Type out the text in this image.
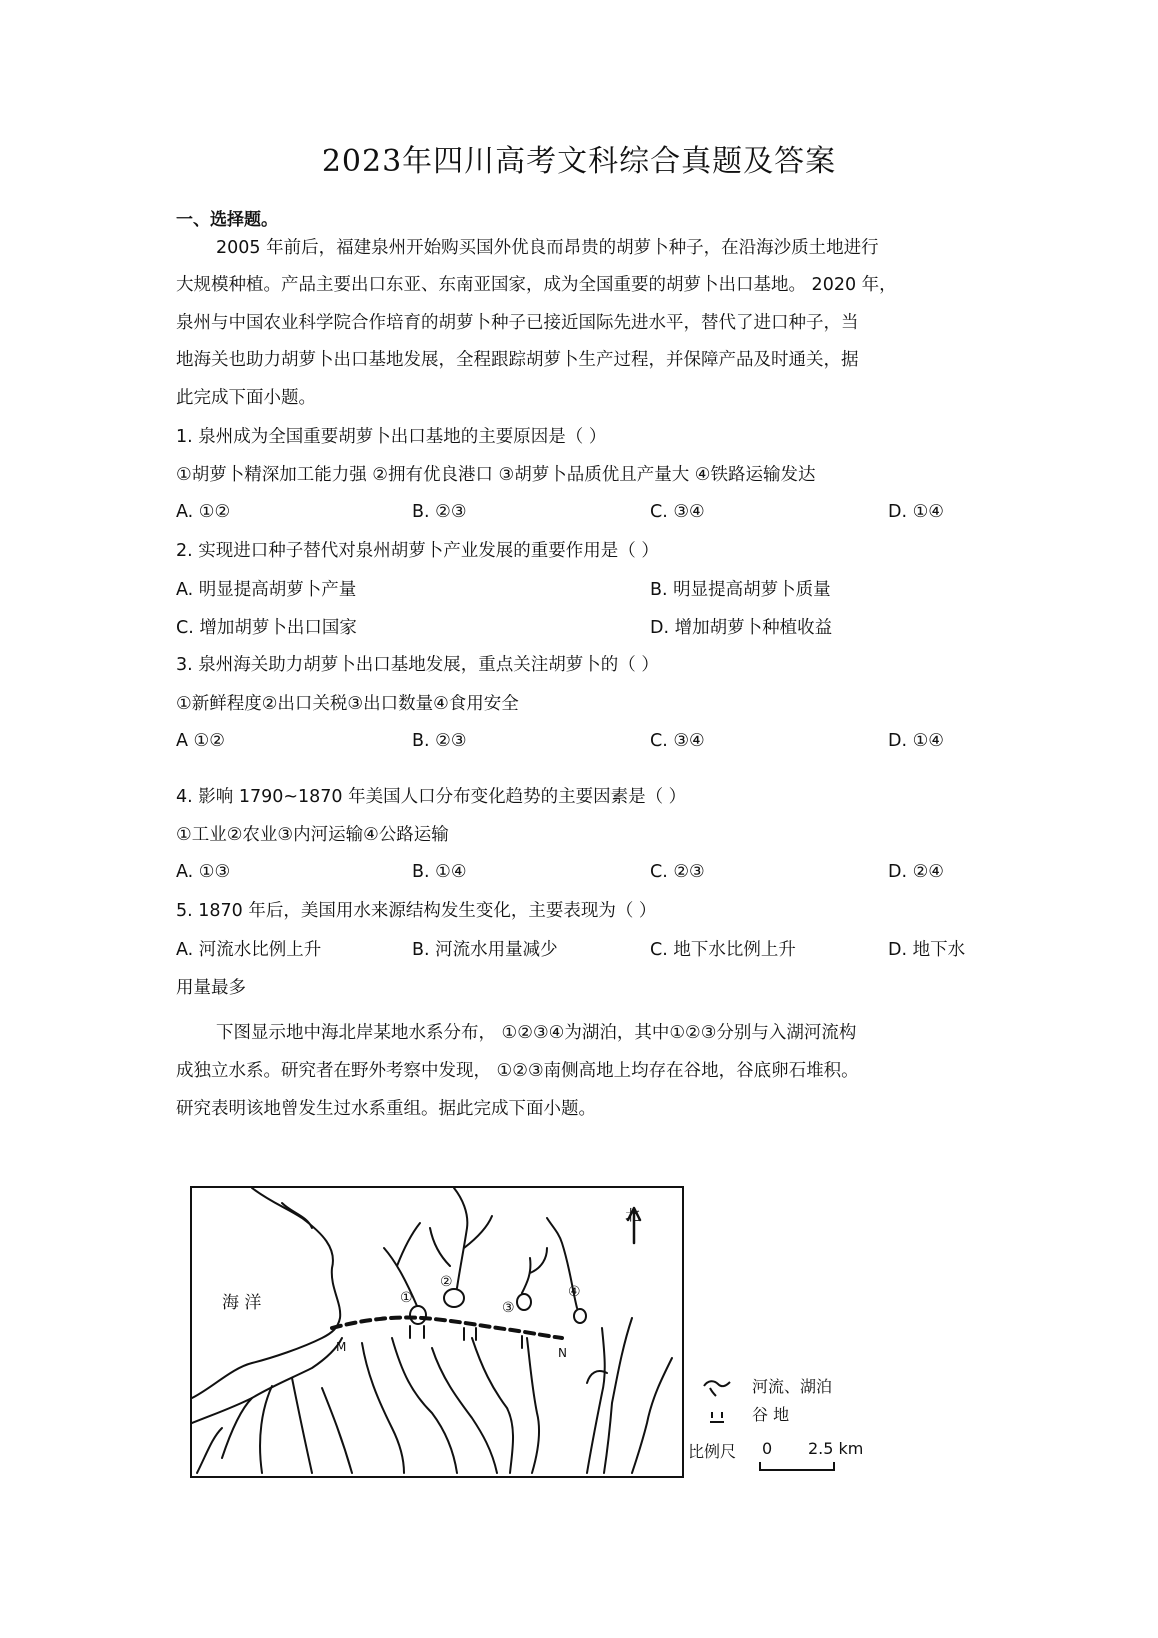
2023年四川高考文科综合真题及答案
一、选择题。
2005 年前后，福建泉州开始购买国外优良而昂贵的胡萝卜种子，在沿海沙质土地进行
大规模种植。产品主要出口东亚、东南亚国家，成为全国重要的胡萝卜出口基地。 2020 年，
泉州与中国农业科学院合作培育的胡萝卜种子已接近国际先进水平，替代了进口种子，当
地海关也助力胡萝卜出口基地发展，全程跟踪胡萝卜生产过程，并保障产品及时通关，据
此完成下面小题。
1. 泉州成为全国重要胡萝卜出口基地的主要原因是（ ）
①胡萝卜精深加工能力强 ②拥有优良港口 ③胡萝卜品质优且产量大 ④铁路运输发达
A. ①②	B. ②③	C. ③④	D. ①④
2. 实现进口种子替代对泉州胡萝卜产业发展的重要作用是（ ）
A. 明显提高胡萝卜产量	B. 明显提高胡萝卜质量
C. 增加胡萝卜出口国家	D. 增加胡萝卜种植收益
3. 泉州海关助力胡萝卜出口基地发展，重点关注胡萝卜的（ ）
①新鲜程度②出口关税③出口数量④食用安全
A ①②	B. ②③	C. ③④	D. ①④
4. 影响 1790~1870 年美国人口分布变化趋势的主要因素是（ ）
①工业②农业③内河运输④公路运输
A. ①③	B. ①④	C. ②③	D. ②④
5. 1870 年后，美国用水来源结构发生变化，主要表现为（ ）
A. 河流水比例上升	B. 河流水用量减少	C. 地下水比例上升	D. 地下水
用量最多
下图显示地中海北岸某地水系分布， ①②③④为湖泊，其中①②③分别与入湖河流构
成独立水系。研究者在野外考察中发现， ①②③南侧高地上均存在谷地，谷底卵石堆积。
研究表明该地曾发生过水系重组。据此完成下面小题。
海 洋
北
①
②
③
④
M	N
河流、湖泊
谷 地
比例尺 0 2.5 km
